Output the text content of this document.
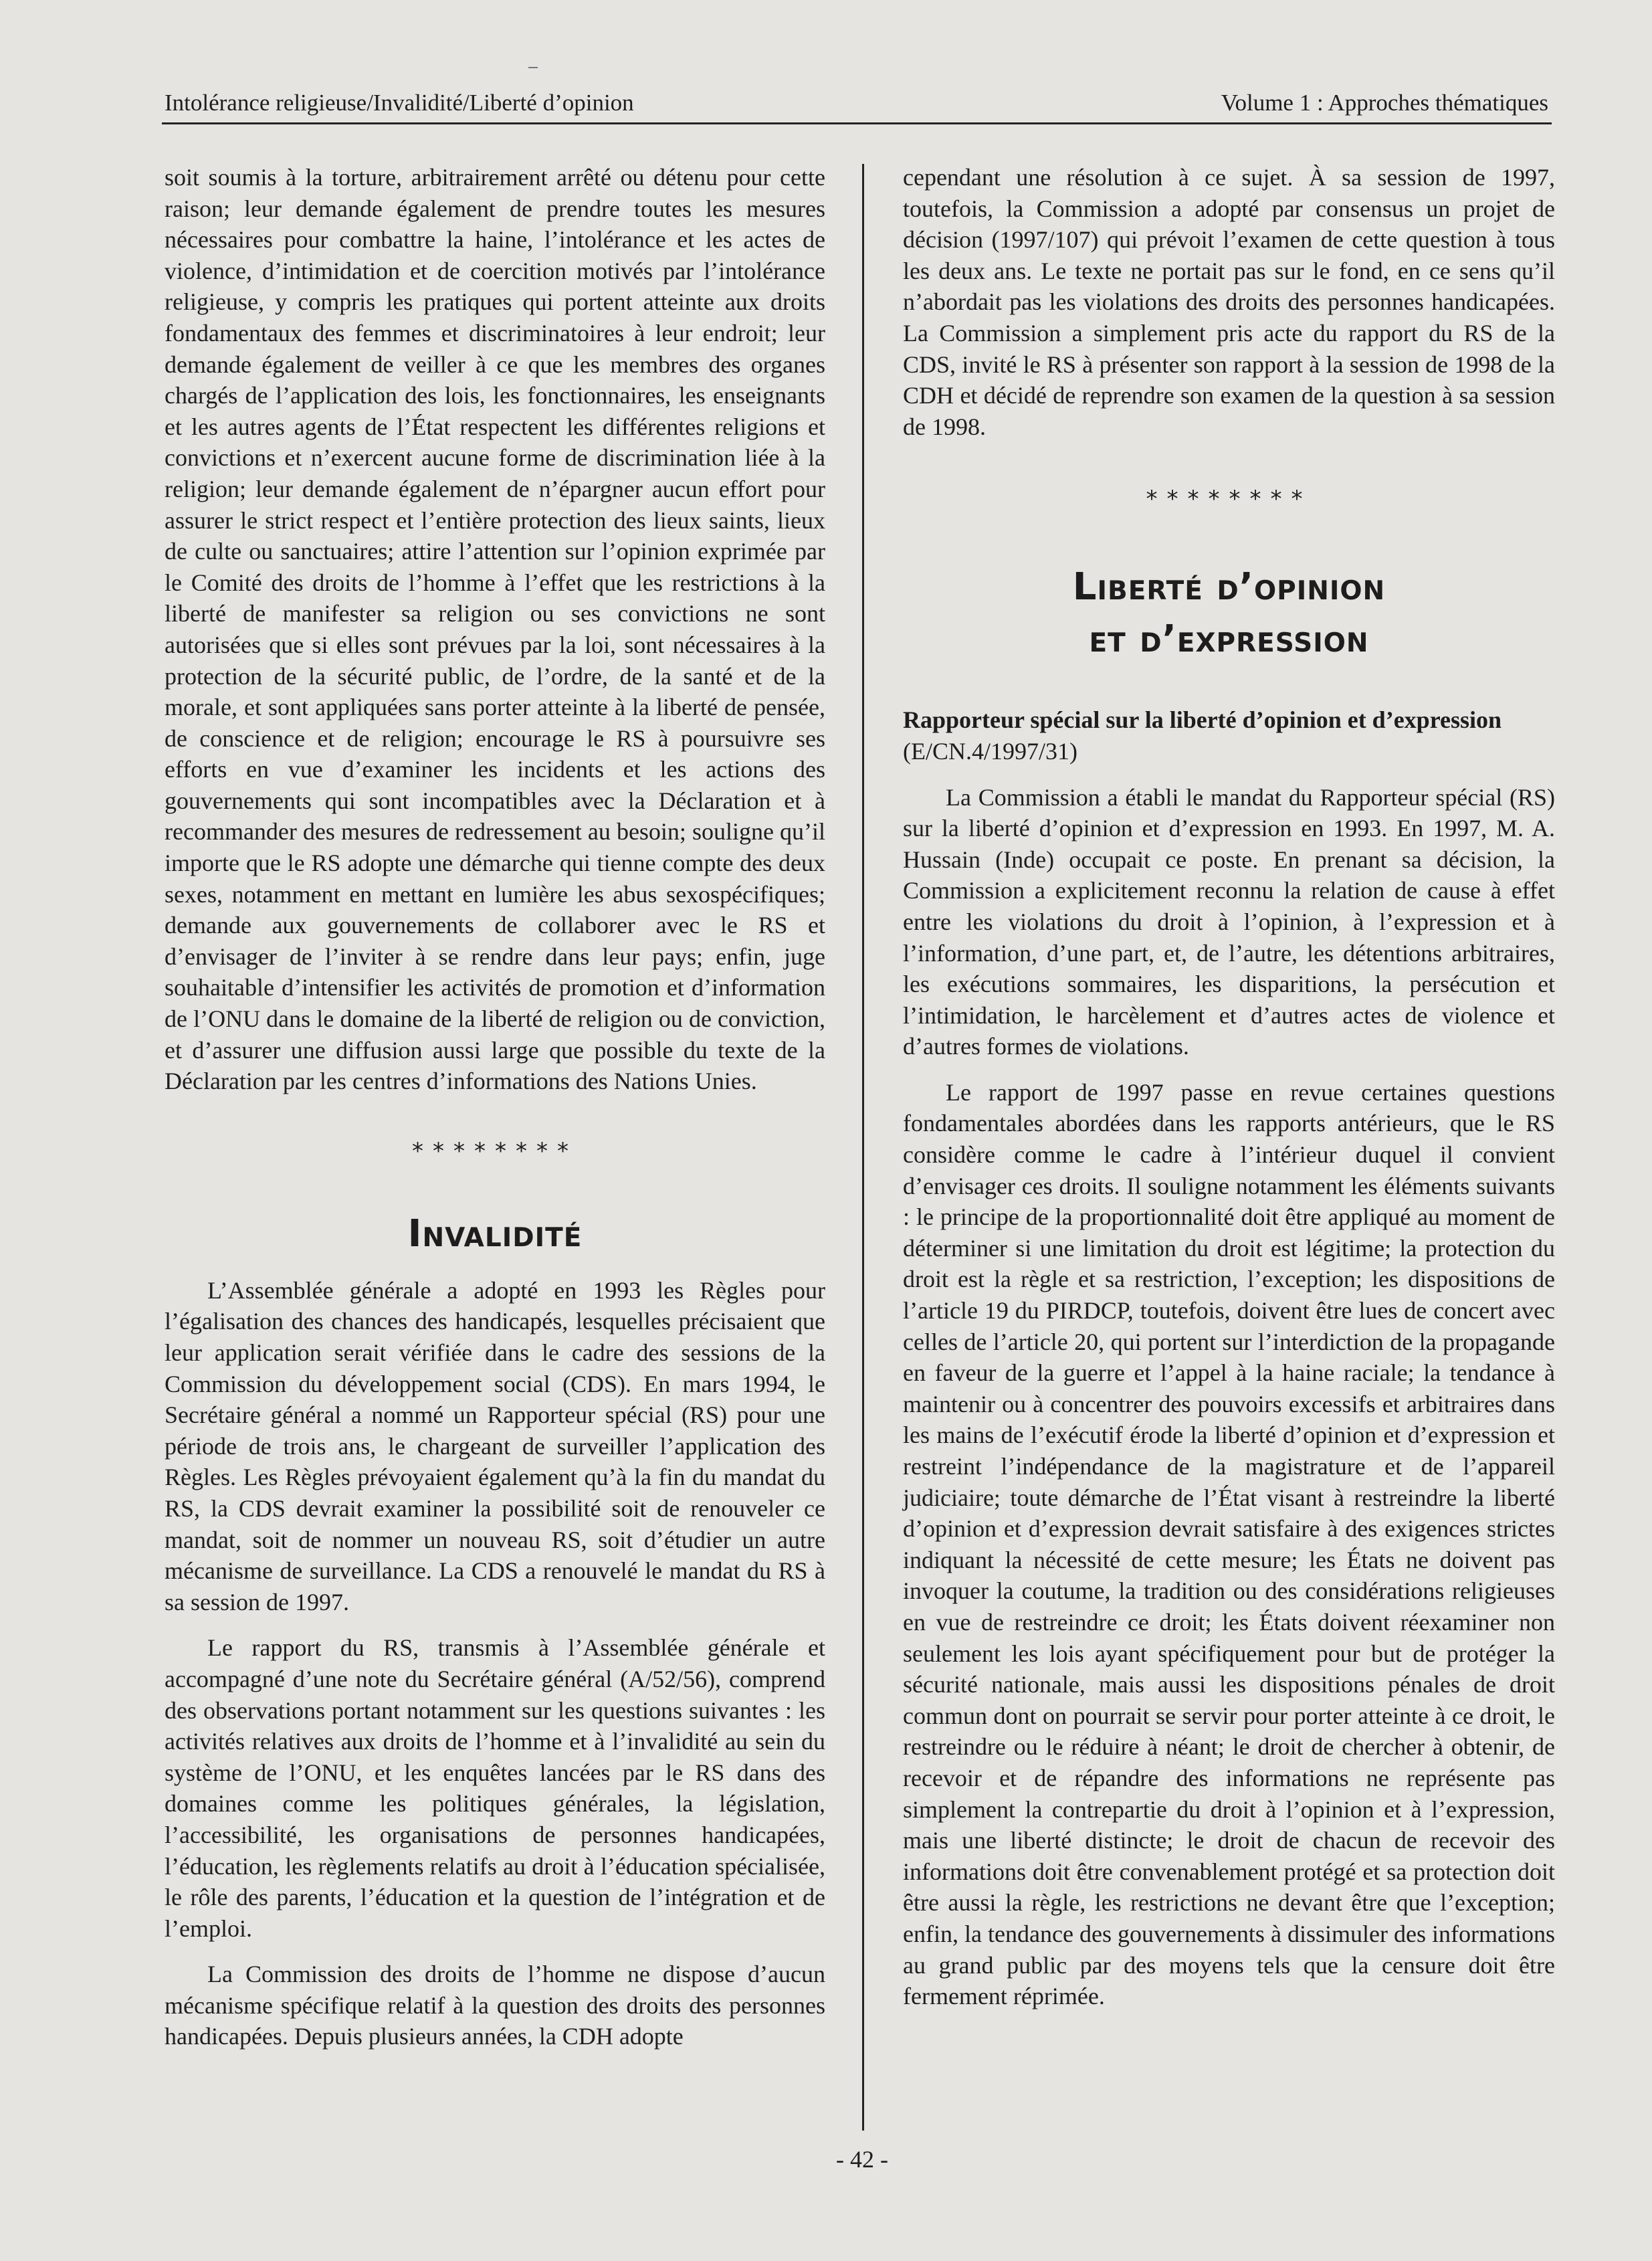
Intolérance religieuse/Invalidité/Liberté d’opinion	Volume 1 : Approches thématiques

soit soumis à la torture, arbitrairement arrêté ou détenu pour cette raison; leur demande également de prendre toutes les mesures nécessaires pour combattre la haine, l’intolérance et les actes de violence, d’intimidation et de coercition motivés par l’intolérance religieuse, y compris les pratiques qui portent atteinte aux droits fondamentaux des femmes et discriminatoires à leur endroit; leur demande également de veiller à ce que les membres des organes chargés de l’application des lois, les fonctionnaires, les enseignants et les autres agents de l’État respectent les différentes religions et convictions et n’exercent aucune forme de discrimination liée à la religion; leur demande également de n’épargner aucun effort pour assurer le strict respect et l’entière protection des lieux saints, lieux de culte ou sanctuaires; attire l’attention sur l’opinion exprimée par le Comité des droits de l’homme à l’effet que les restrictions à la liberté de manifester sa religion ou ses convictions ne sont autorisées que si elles sont prévues par la loi, sont nécessaires à la protection de la sécurité public, de l’ordre, de la santé et de la morale, et sont appliquées sans porter atteinte à la liberté de pensée, de conscience et de religion; encourage le RS à poursuivre ses efforts en vue d’examiner les incidents et les actions des gouvernements qui sont incompatibles avec la Déclaration et à recommander des mesures de redressement au besoin; souligne qu’il importe que le RS adopte une démarche qui tienne compte des deux sexes, notamment en mettant en lumière les abus sexospécifiques; demande aux gouvernements de collaborer avec le RS et d’envisager de l’inviter à se rendre dans leur pays; enfin, juge souhaitable d’intensifier les activités de promotion et d’information de l’ONU dans le domaine de la liberté de religion ou de conviction, et d’assurer une diffusion aussi large que possible du texte de la Déclaration par les centres d’informations des Nations Unies.

********
Invalidité

L’Assemblée générale a adopté en 1993 les Règles pour l’égalisation des chances des handicapés, lesquelles précisaient que leur application serait vérifiée dans le cadre des sessions de la Commission du développement social (CDS). En mars 1994, le Secrétaire général a nommé un Rapporteur spécial (RS) pour une période de trois ans, le chargeant de surveiller l’application des Règles. Les Règles prévoyaient également qu’à la fin du mandat du RS, la CDS devrait examiner la possibilité soit de renouveler ce mandat, soit de nommer un nouveau RS, soit d’étudier un autre mécanisme de surveillance. La CDS a renouvelé le mandat du RS à sa session de 1997.

Le rapport du RS, transmis à l’Assemblée générale et accompagné d’une note du Secrétaire général (A/52/56), comprend des observations portant notamment sur les questions suivantes : les activités relatives aux droits de l’homme et à l’invalidité au sein du système de l’ONU, et les enquêtes lancées par le RS dans des domaines comme les politiques générales, la législation, l’accessibilité, les organisations de personnes handicapées, l’éducation, les règlements relatifs au droit à l’éducation spécialisée, le rôle des parents, l’éducation et la question de l’intégration et de l’emploi.

La Commission des droits de l’homme ne dispose d’aucun mécanisme spécifique relatif à la question des droits des personnes handicapées. Depuis plusieurs années, la CDH adopte

cependant une résolution à ce sujet. À sa session de 1997, toutefois, la Commission a adopté par consensus un projet de décision (1997/107) qui prévoit l’examen de cette question à tous les deux ans. Le texte ne portait pas sur le fond, en ce sens qu’il n’abordait pas les violations des droits des personnes handicapées. La Commission a simplement pris acte du rapport du RS de la CDS, invité le RS à présenter son rapport à la session de 1998 de la CDH et décidé de reprendre son examen de la question à sa session de 1998.

********
Liberté d’opinion
et d’expression
Rapporteur spécial sur la liberté d’opinion et d’expression
(E/CN.4/1997/31)

La Commission a établi le mandat du Rapporteur spécial (RS) sur la liberté d’opinion et d’expression en 1993. En 1997, M. A. Hussain (Inde) occupait ce poste. En prenant sa décision, la Commission a explicitement reconnu la relation de cause à effet entre les violations du droit à l’opinion, à l’expression et à l’information, d’une part, et, de l’autre, les détentions arbitraires, les exécutions sommaires, les disparitions, la persécution et l’intimidation, le harcèlement et d’autres actes de violence et d’autres formes de violations.

Le rapport de 1997 passe en revue certaines questions fondamentales abordées dans les rapports antérieurs, que le RS considère comme le cadre à l’intérieur duquel il convient d’envisager ces droits. Il souligne notamment les éléments suivants : le principe de la proportionnalité doit être appliqué au moment de déterminer si une limitation du droit est légitime; la protection du droit est la règle et sa restriction, l’exception; les dispositions de l’article 19 du PIRDCP, toutefois, doivent être lues de concert avec celles de l’article 20, qui portent sur l’interdiction de la propagande en faveur de la guerre et l’appel à la haine raciale; la tendance à maintenir ou à concentrer des pouvoirs excessifs et arbitraires dans les mains de l’exécutif érode la liberté d’opinion et d’expression et restreint l’indépendance de la magistrature et de l’appareil judiciaire; toute démarche de l’État visant à restreindre la liberté d’opinion et d’expression devrait satisfaire à des exigences strictes indiquant la nécessité de cette mesure; les États ne doivent pas invoquer la coutume, la tradition ou des considérations religieuses en vue de restreindre ce droit; les États doivent réexaminer non seulement les lois ayant spécifiquement pour but de protéger la sécurité nationale, mais aussi les dispositions pénales de droit commun dont on pourrait se servir pour porter atteinte à ce droit, le restreindre ou le réduire à néant; le droit de chercher à obtenir, de recevoir et de répandre des informations ne représente pas simplement la contrepartie du droit à l’opinion et à l’expression, mais une liberté distincte; le droit de chacun de recevoir des informations doit être convenablement protégé et sa protection doit être aussi la règle, les restrictions ne devant être que l’exception; enfin, la tendance des gouvernements à dissimuler des informations au grand public par des moyens tels que la censure doit être fermement réprimée.

- 42 -
